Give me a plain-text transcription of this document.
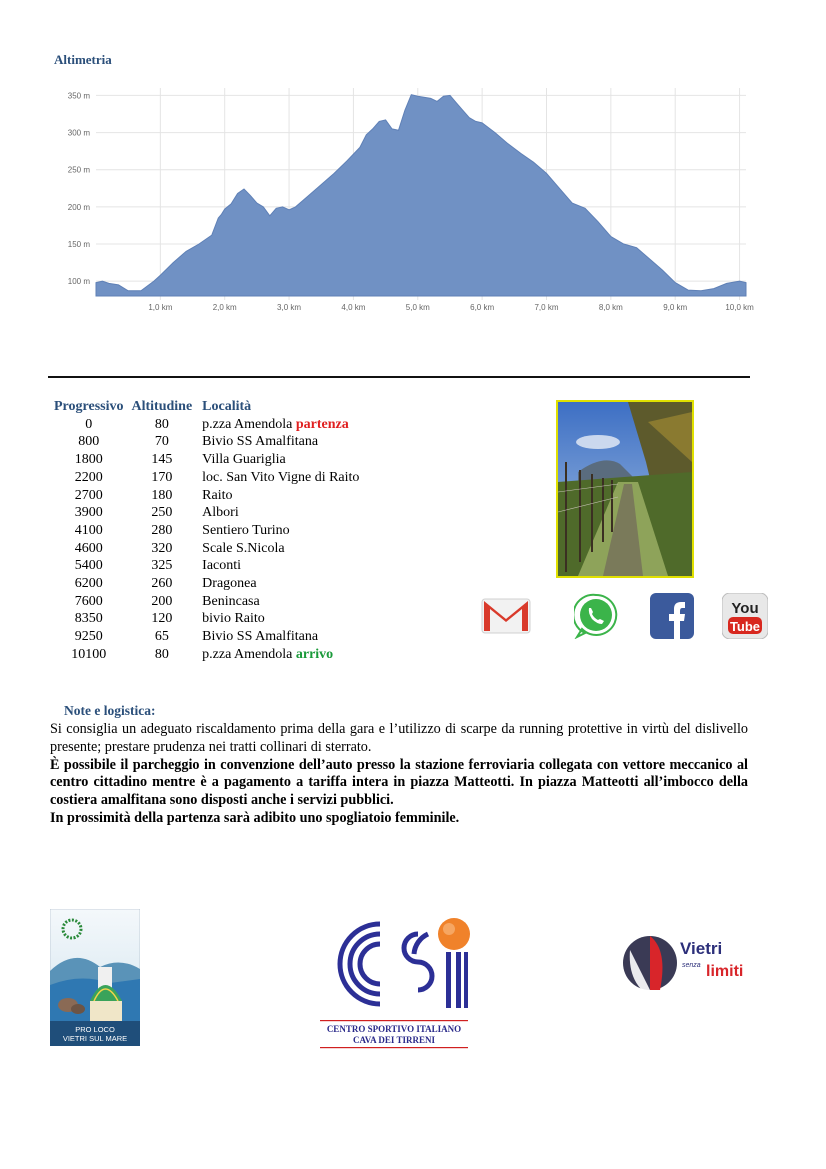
Altimetria
100 m
150 m
200 m
250 m
300 m
350 m
1,0 km	2,0 km	3,0 km	4,0 km	5,0 km	6,0 km	7,0 km	8,0 km	9,0 km	10,0 km
Progressivo	Altitudine	Località
0	80	p.zza Amendola partenza
800	70	Bivio SS Amalfitana
1800	145	Villa Guariglia
2200	170	loc. San Vito Vigne di Raito
2700	180	Raito
3900	250	Albori
4100	280	Sentiero Turino
4600	320	Scale S.Nicola
5400	325	Iaconti
6200	260	Dragonea
7600	200	Benincasa
8350	120	bivio Raito
9250	65	Bivio SS Amalfitana
10100	80	p.zza Amendola arrivo
You
Tube
Note e logistica:

Si consiglia un adeguato riscaldamento prima della gara e l’utilizzo di scarpe da running protettive in virtù del dislivello presente; prestare prudenza nei tratti collinari di sterrato.

È possibile il parcheggio in convenzione dell’auto presso la stazione ferroviaria collegata con vettore meccanico al centro cittadino mentre è a pagamento a tariffa intera in piazza Matteotti. In piazza Matteotti all’imbocco della costiera amalfitana sono disposti anche i servizi pubblici.

In prossimità della partenza sarà adibito uno spogliatoio femminile.

PRO LOCO
VIETRI SUL MARE
CENTRO SPORTIVO ITALIANO
CAVA DEI TIRRENI
Vietri
senza limiti
